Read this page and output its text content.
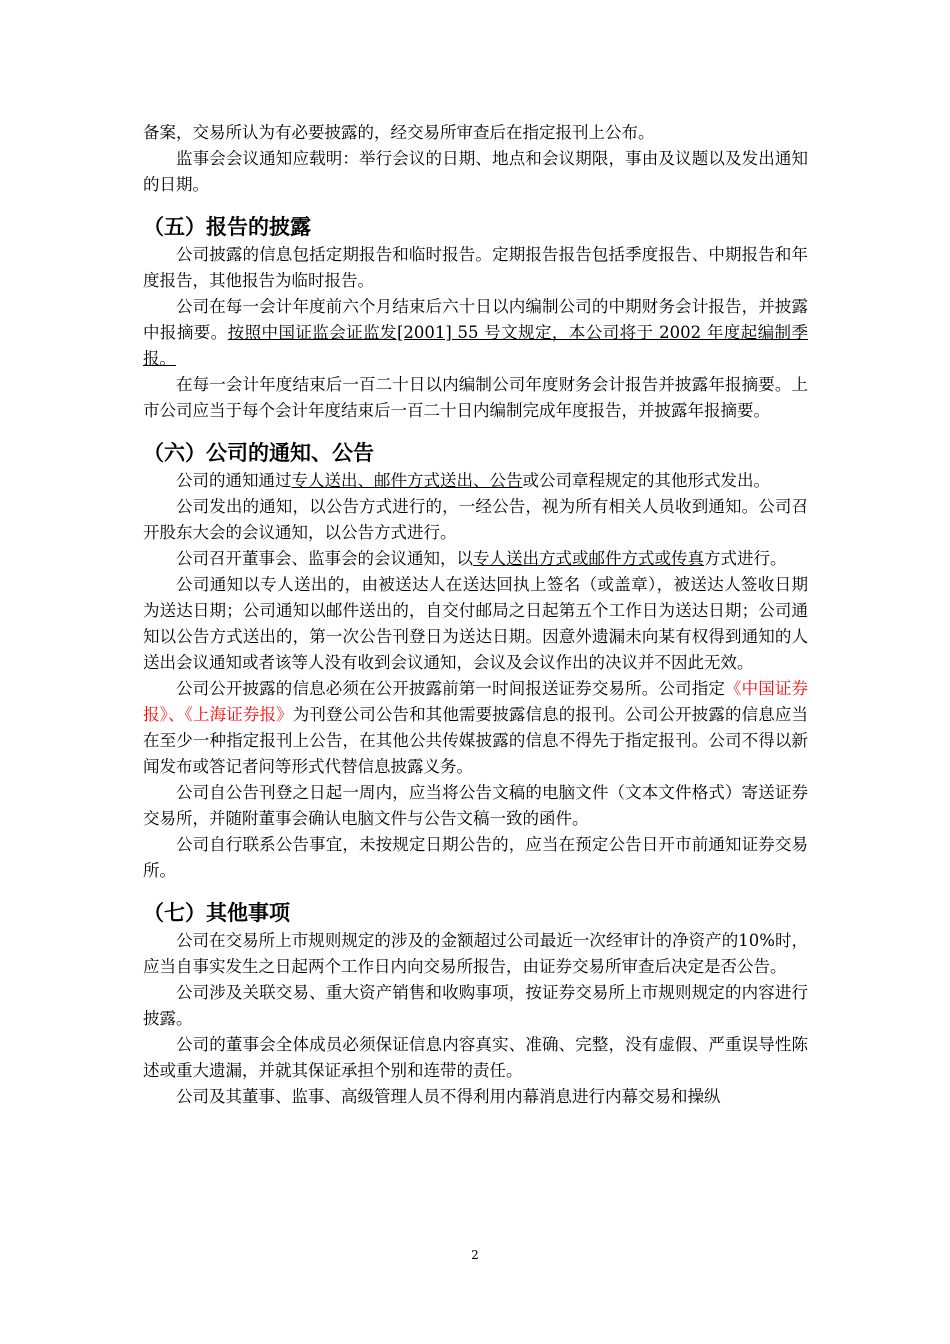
备案，交易所认为有必要披露的，经交易所审查后在指定报刊上公布。

监事会会议通知应载明：举行会议的日期、地点和会议期限，事由及议题以及发出通知的日期。

（五）报告的披露

公司披露的信息包括定期报告和临时报告。定期报告报告包括季度报告、中期报告和年度报告，其他报告为临时报告。

公司在每一会计年度前六个月结束后六十日以内编制公司的中期财务会计报告，并披露中报摘要。按照中国证监会证监发[2001] 55 号文规定，本公司将于 2002 年度起编制季报。

在每一会计年度结束后一百二十日以内编制公司年度财务会计报告并披露年报摘要。上市公司应当于每个会计年度结束后一百二十日内编制完成年度报告，并披露年报摘要。

（六）公司的通知、公告

公司的通知通过专人送出、邮件方式送出、公告或公司章程规定的其他形式发出。

公司发出的通知，以公告方式进行的，一经公告，视为所有相关人员收到通知。公司召开股东大会的会议通知，以公告方式进行。

公司召开董事会、监事会的会议通知，以专人送出方式或邮件方式或传真方式进行。

公司通知以专人送出的，由被送达人在送达回执上签名（或盖章），被送达人签收日期为送达日期；公司通知以邮件送出的，自交付邮局之日起第五个工作日为送达日期；公司通知以公告方式送出的，第一次公告刊登日为送达日期。因意外遗漏未向某有权得到通知的人送出会议通知或者该等人没有收到会议通知，会议及会议作出的决议并不因此无效。

公司公开披露的信息必须在公开披露前第一时间报送证券交易所。公司指定《中国证券报》、《上海证券报》为刊登公司公告和其他需要披露信息的报刊。公司公开披露的信息应当在至少一种指定报刊上公告，在其他公共传媒披露的信息不得先于指定报刊。公司不得以新闻发布或答记者问等形式代替信息披露义务。

公司自公告刊登之日起一周内，应当将公告文稿的电脑文件（文本文件格式）寄送证券交易所，并随附董事会确认电脑文件与公告文稿一致的函件。

公司自行联系公告事宜，未按规定日期公告的，应当在预定公告日开市前通知证券交易所。

（七）其他事项

公司在交易所上市规则规定的涉及的金额超过公司最近一次经审计的净资产的10%时，应当自事实发生之日起两个工作日内向交易所报告，由证券交易所审查后决定是否公告。

公司涉及关联交易、重大资产销售和收购事项，按证券交易所上市规则规定的内容进行披露。

公司的董事会全体成员必须保证信息内容真实、准确、完整，没有虚假、严重误导性陈述或重大遗漏，并就其保证承担个别和连带的责任。

公司及其董事、监事、高级管理人员不得利用内幕消息进行内幕交易和操纵

2
